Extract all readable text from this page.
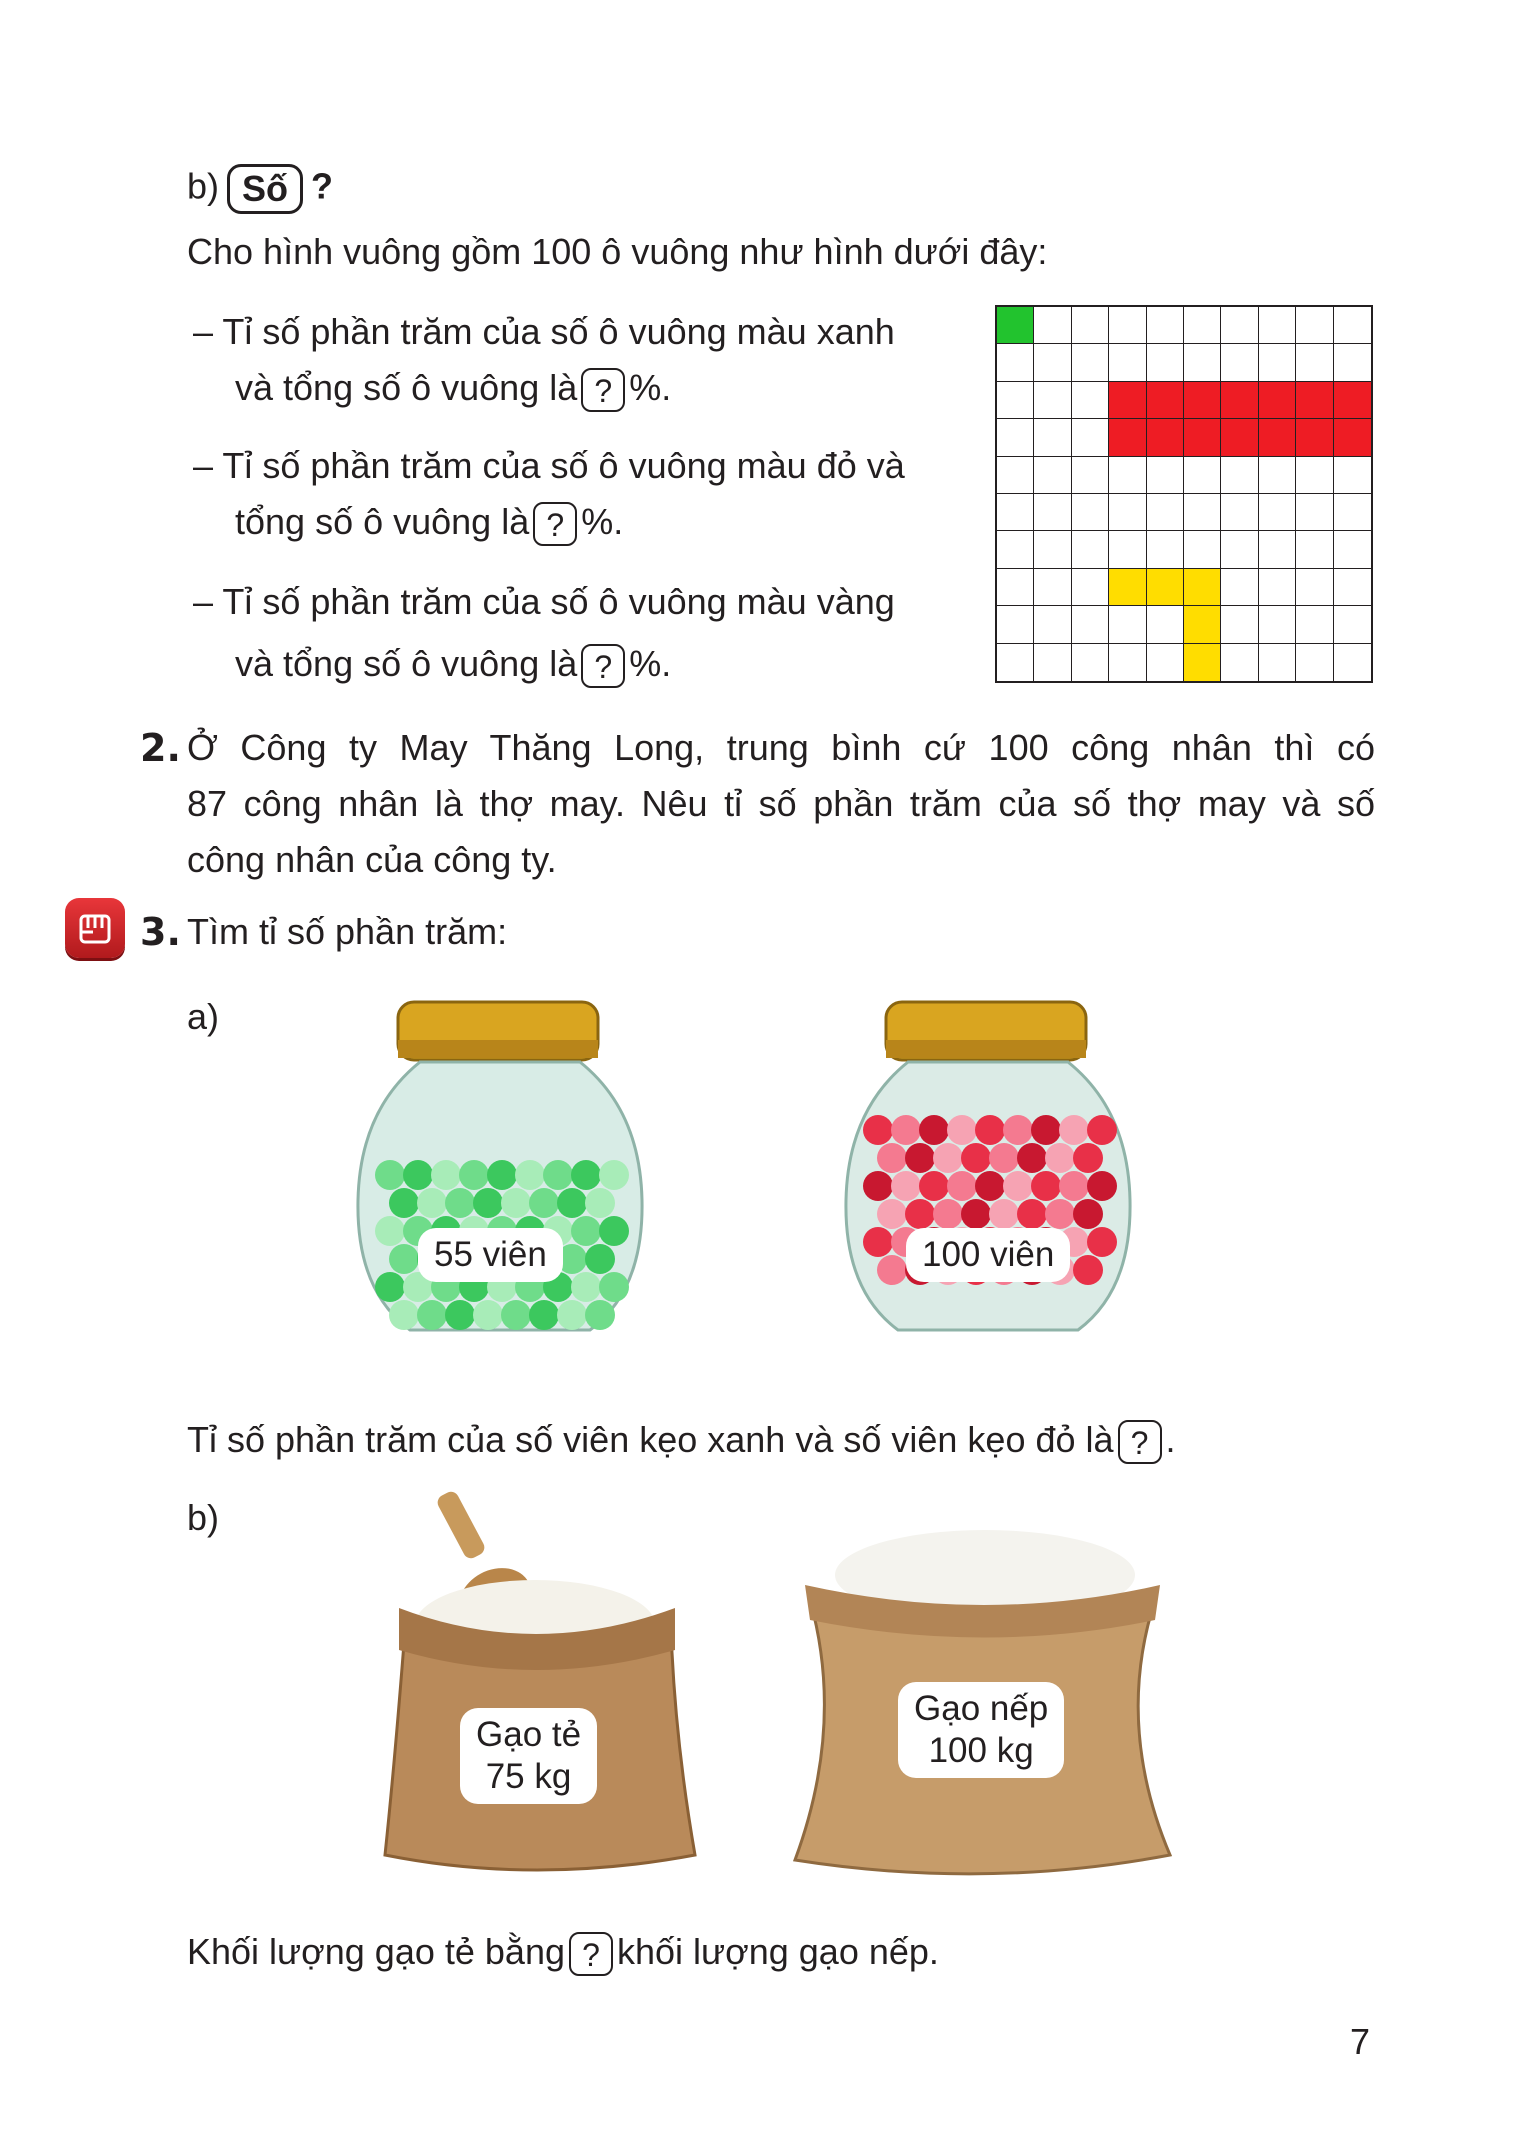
b) Số ?
Cho hình vuông gồm 100 ô vuông như hình dưới đây:
– Tỉ số phần trăm của số ô vuông màu xanh
và tổng số ô vuông là ? %.
– Tỉ số phần trăm của số ô vuông màu đỏ và
tổng số ô vuông là ? %.
– Tỉ số phần trăm của số ô vuông màu vàng
và tổng số ô vuông là ? %.
2. Ở Công ty May Thăng Long, trung bình cứ 100 công nhân thì có
87 công nhân là thợ may. Nêu tỉ số phần trăm của số thợ may và số
công nhân của công ty.
3. Tìm tỉ số phần trăm:
a)
55 viên	100 viên
Tỉ số phần trăm của số viên kẹo xanh và số viên kẹo đỏ là ? .
b)
Gạo tẻ
75 kg
Gạo nếp
100 kg
Khối lượng gạo tẻ bằng ? khối lượng gạo nếp.
7
